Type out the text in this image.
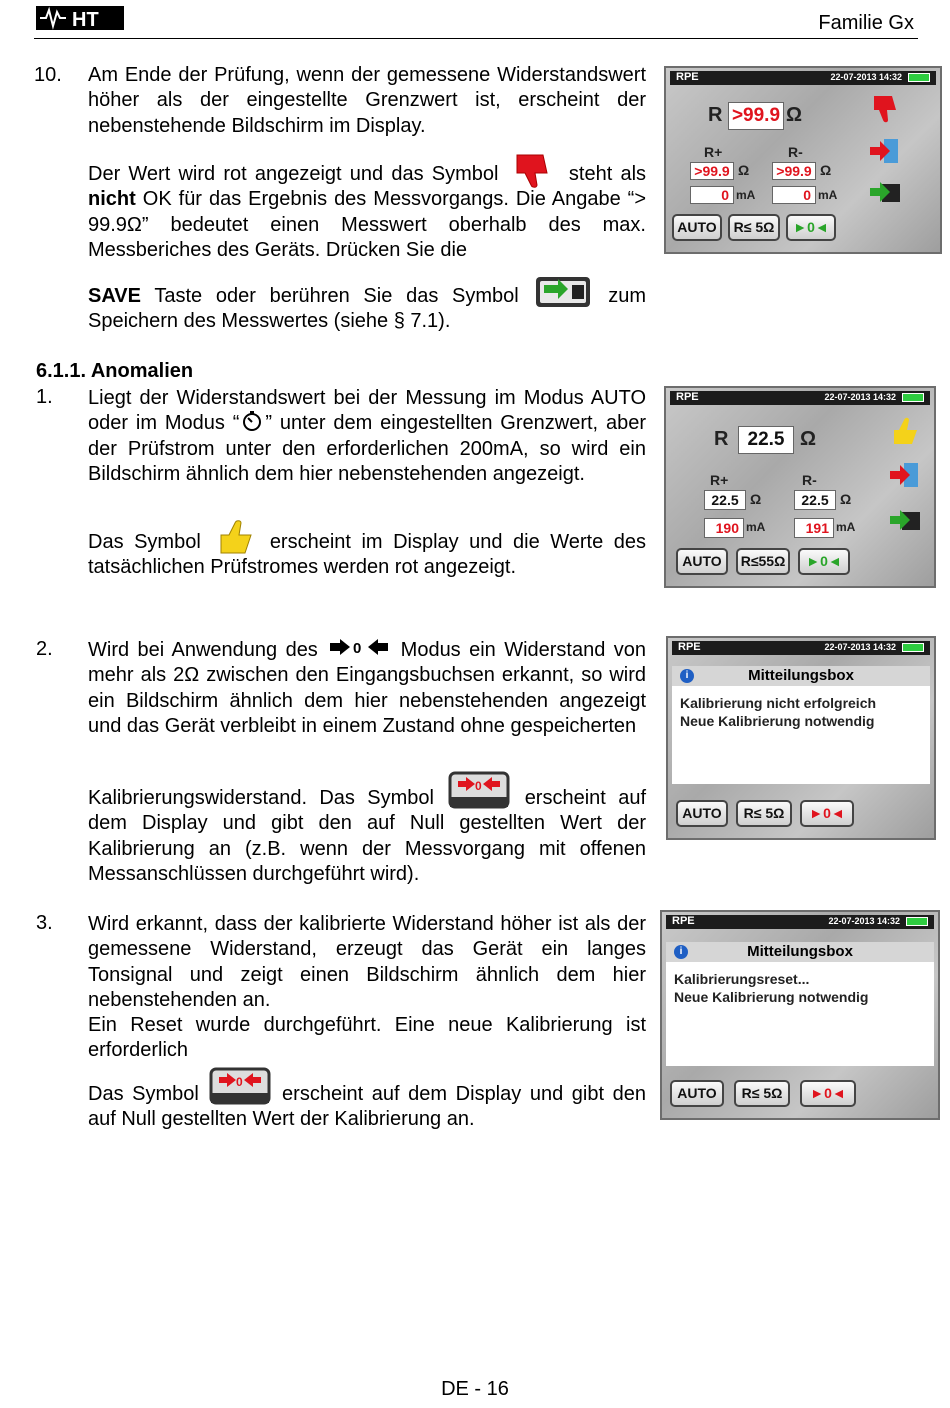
HT	Familie Gx
10. Am Ende der Prüfung, wenn der gemessene Widerstandswert höher als der eingestellte Grenzwert ist, erscheint der nebenstehende Bildschirm im Display.
Der Wert wird rot angezeigt und das Symbol	steht als nicht OK für das Ergebnis des Messvorgangs. Die Angabe “> 99.9Ω” bedeutet einen Messwert oberhalb des max. Messberiches des Geräts. Drücken Sie die
SAVE Taste oder berühren Sie das Symbol	zum Speichern des Messwertes (siehe § 7.1).
RPE	22-07-2013 14:32
R >99.9 Ω
R+	R-
>99.9 Ω	>99.9 Ω
0 mA	0 mA
AUTO	R≤ 5Ω	►0◄
6.1.1. Anomalien
1. Liegt der Widerstandswert bei der Messung im Modus AUTO oder im Modus “ ” unter dem eingestellten Grenzwert, aber der Prüfstrom unter den erforderlichen 200mA, so wird ein Bildschirm ähnlich dem hier nebenstehenden angezeigt.
Das Symbol	erscheint im Display und die Werte des tatsächlichen Prüfstromes werden rot angezeigt.
RPE	22-07-2013 14:32
R	22.5 Ω
R+	R-
22.5 Ω	22.5 Ω
190 mA	191 mA
AUTO	R≤55Ω	►0◄
2. Wird bei Anwendung des 0 Modus ein Widerstand von mehr als 2Ω zwischen den Eingangsbuchsen erkannt, so wird ein Bildschirm ähnlich dem hier nebenstehenden angezeigt und das Gerät verbleibt in einem Zustand ohne gespeicherten
Kalibrierungswiderstand. Das Symbol
0
erscheint auf dem Display und gibt den auf Null gestellten Wert der Kalibrierung an (z.B. wenn der Messvorgang mit offenen Messanschlüssen durchgeführt wird).
RPE	22-07-2013 14:32
i	Mitteilungsbox
Kalibrierung nicht erfolgreich
Neue Kalibrierung notwendig
AUTO	R≤ 5Ω	►0◄
3. Wird erkannt, dass der kalibrierte Widerstand höher ist als der gemessene Widerstand, erzeugt das Gerät ein langes Tonsignal und zeigt einen Bildschirm ähnlich dem hier nebenstehenden an.
Ein Reset wurde durchgeführt. Eine neue Kalibrierung ist erforderlich
Das Symbol
0
erscheint auf dem Display und gibt den auf Null gestellten Wert der Kalibrierung an.
RPE	22-07-2013 14:32
i	Mitteilungsbox
Kalibrierungsreset...
Neue Kalibrierung notwendig
AUTO	R≤ 5Ω	►0◄
DE - 16
